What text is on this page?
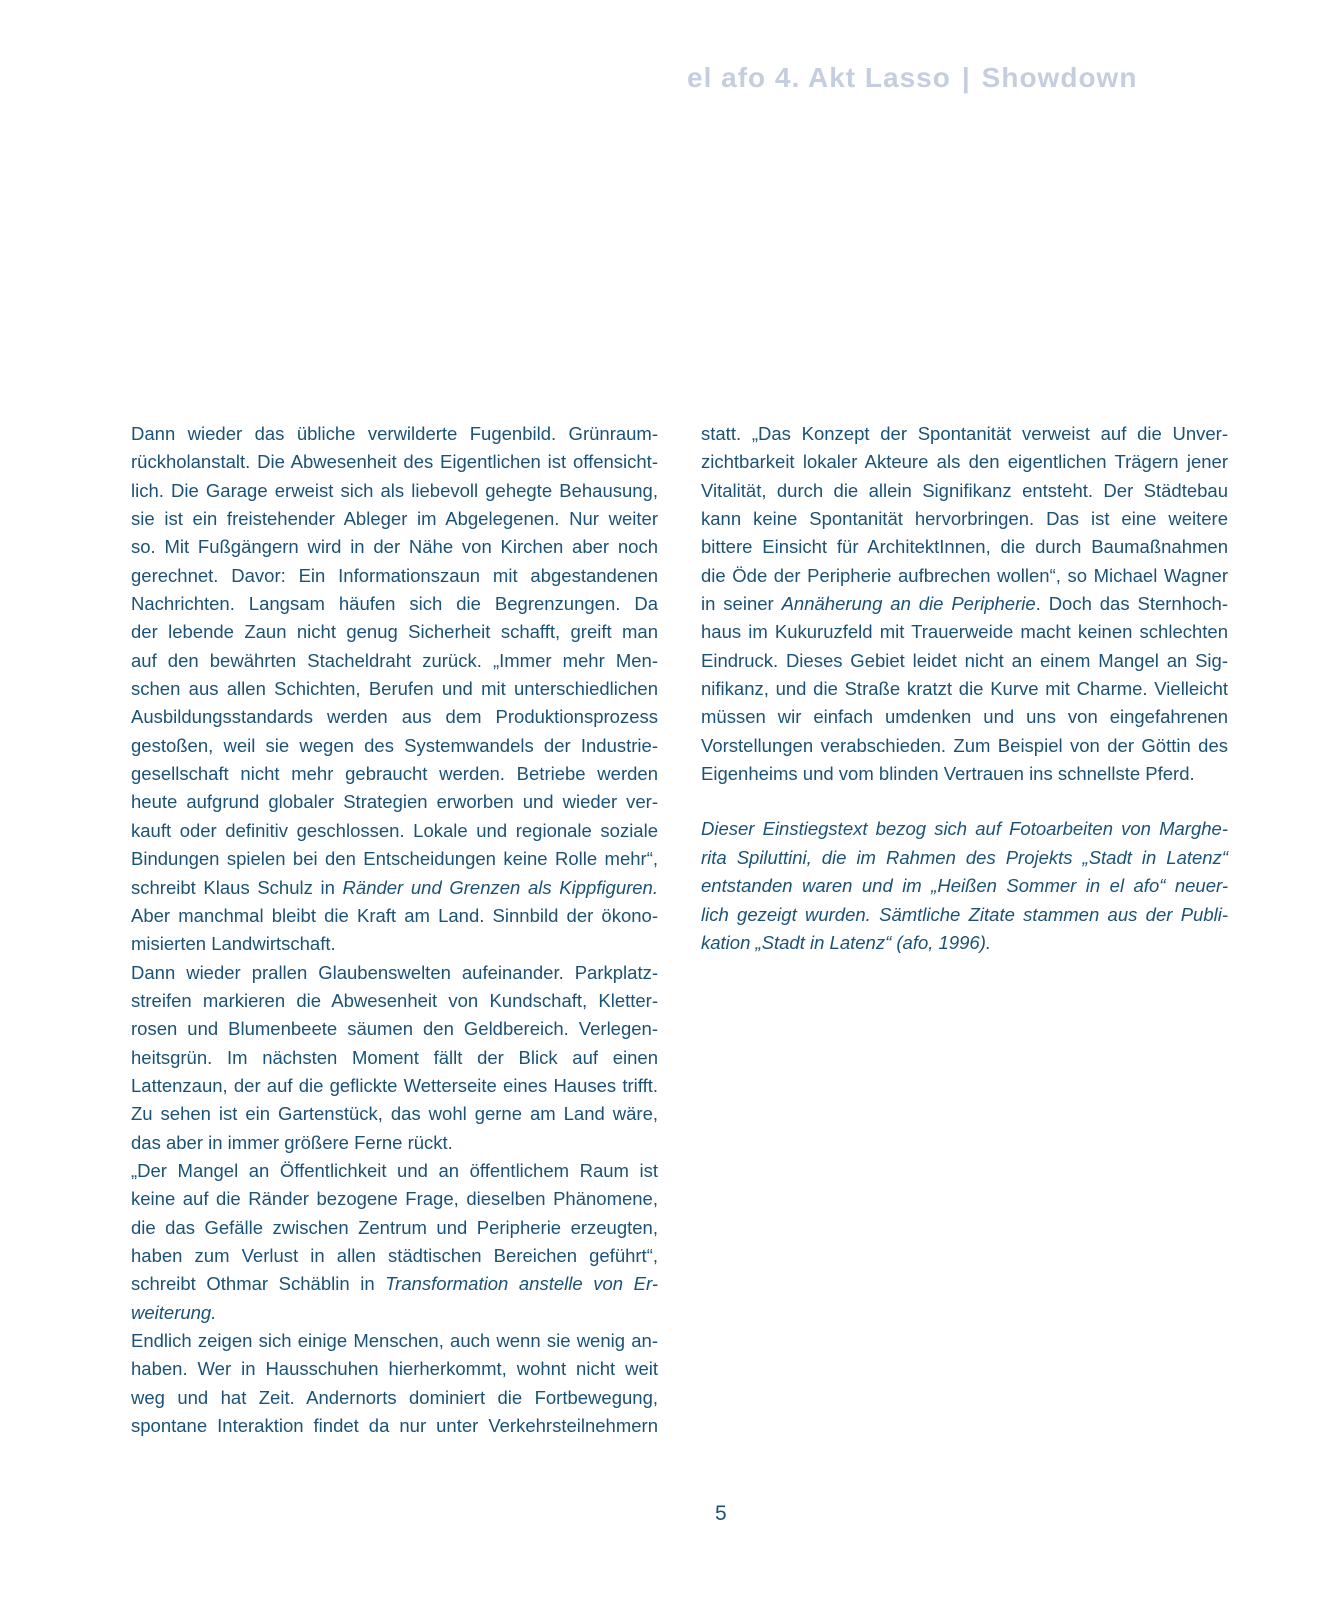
el afo 4. Akt Lasso | Showdown
Dann wieder das übliche verwilderte Fugenbild. Grünraum-
rückholanstalt. Die Abwesenheit des Eigentlichen ist offensicht-
lich. Die Garage erweist sich als liebevoll gehegte Behausung,
sie ist ein freistehender Ableger im Abgelegenen. Nur weiter
so. Mit Fußgängern wird in der Nähe von Kirchen aber noch
gerechnet. Davor: Ein Informationszaun mit abgestandenen
Nachrichten. Langsam häufen sich die Begrenzungen. Da
der lebende Zaun nicht genug Sicherheit schafft, greift man
auf den bewährten Stacheldraht zurück. „Immer mehr Men-
schen aus allen Schichten, Berufen und mit unterschiedlichen
Ausbildungsstandards werden aus dem Produktionsprozess
gestoßen, weil sie wegen des Systemwandels der Industrie-
gesellschaft nicht mehr gebraucht werden. Betriebe werden
heute aufgrund globaler Strategien erworben und wieder ver-
kauft oder definitiv geschlossen. Lokale und regionale soziale
Bindungen spielen bei den Entscheidungen keine Rolle mehr“,
schreibt Klaus Schulz in Ränder und Grenzen als Kippfiguren.
Aber manchmal bleibt die Kraft am Land. Sinnbild der ökono-
misierten Landwirtschaft.
Dann wieder prallen Glaubenswelten aufeinander. Parkplatz-
streifen markieren die Abwesenheit von Kundschaft, Kletter-
rosen und Blumenbeete säumen den Geldbereich. Verlegen-
heitsgrün. Im nächsten Moment fällt der Blick auf einen
Lattenzaun, der auf die geflickte Wetterseite eines Hauses trifft.
Zu sehen ist ein Gartenstück, das wohl gerne am Land wäre,
das aber in immer größere Ferne rückt.
„Der Mangel an Öffentlichkeit und an öffentlichem Raum ist
keine auf die Ränder bezogene Frage, dieselben Phänomene,
die das Gefälle zwischen Zentrum und Peripherie erzeugten,
haben zum Verlust in allen städtischen Bereichen geführt“,
schreibt Othmar Schäblin in Transformation anstelle von Er-
weiterung.
Endlich zeigen sich einige Menschen, auch wenn sie wenig an-
haben. Wer in Hausschuhen hierherkommt, wohnt nicht weit
weg und hat Zeit. Andernorts dominiert die Fortbewegung,
spontane Interaktion findet da nur unter Verkehrsteilnehmern
statt. „Das Konzept der Spontanität verweist auf die Unver-
zichtbarkeit lokaler Akteure als den eigentlichen Trägern jener
Vitalität, durch die allein Signifikanz entsteht. Der Städtebau
kann keine Spontanität hervorbringen. Das ist eine weitere
bittere Einsicht für ArchitektInnen, die durch Baumaßnahmen
die Öde der Peripherie aufbrechen wollen“, so Michael Wagner
in seiner Annäherung an die Peripherie. Doch das Sternhoch-
haus im Kukuruzfeld mit Trauerweide macht keinen schlechten
Eindruck. Dieses Gebiet leidet nicht an einem Mangel an Sig-
nifikanz, und die Straße kratzt die Kurve mit Charme. Vielleicht
müssen wir einfach umdenken und uns von eingefahrenen
Vorstellungen verabschieden. Zum Beispiel von der Göttin des
Eigenheims und vom blinden Vertrauen ins schnellste Pferd.
Dieser Einstiegstext bezog sich auf Fotoarbeiten von Marghe-
rita Spiluttini, die im Rahmen des Projekts „Stadt in Latenz“
entstanden waren und im „Heißen Sommer in el afo“ neuer-
lich gezeigt wurden. Sämtliche Zitate stammen aus der Publi-
kation „Stadt in Latenz“ (afo, 1996).
5
